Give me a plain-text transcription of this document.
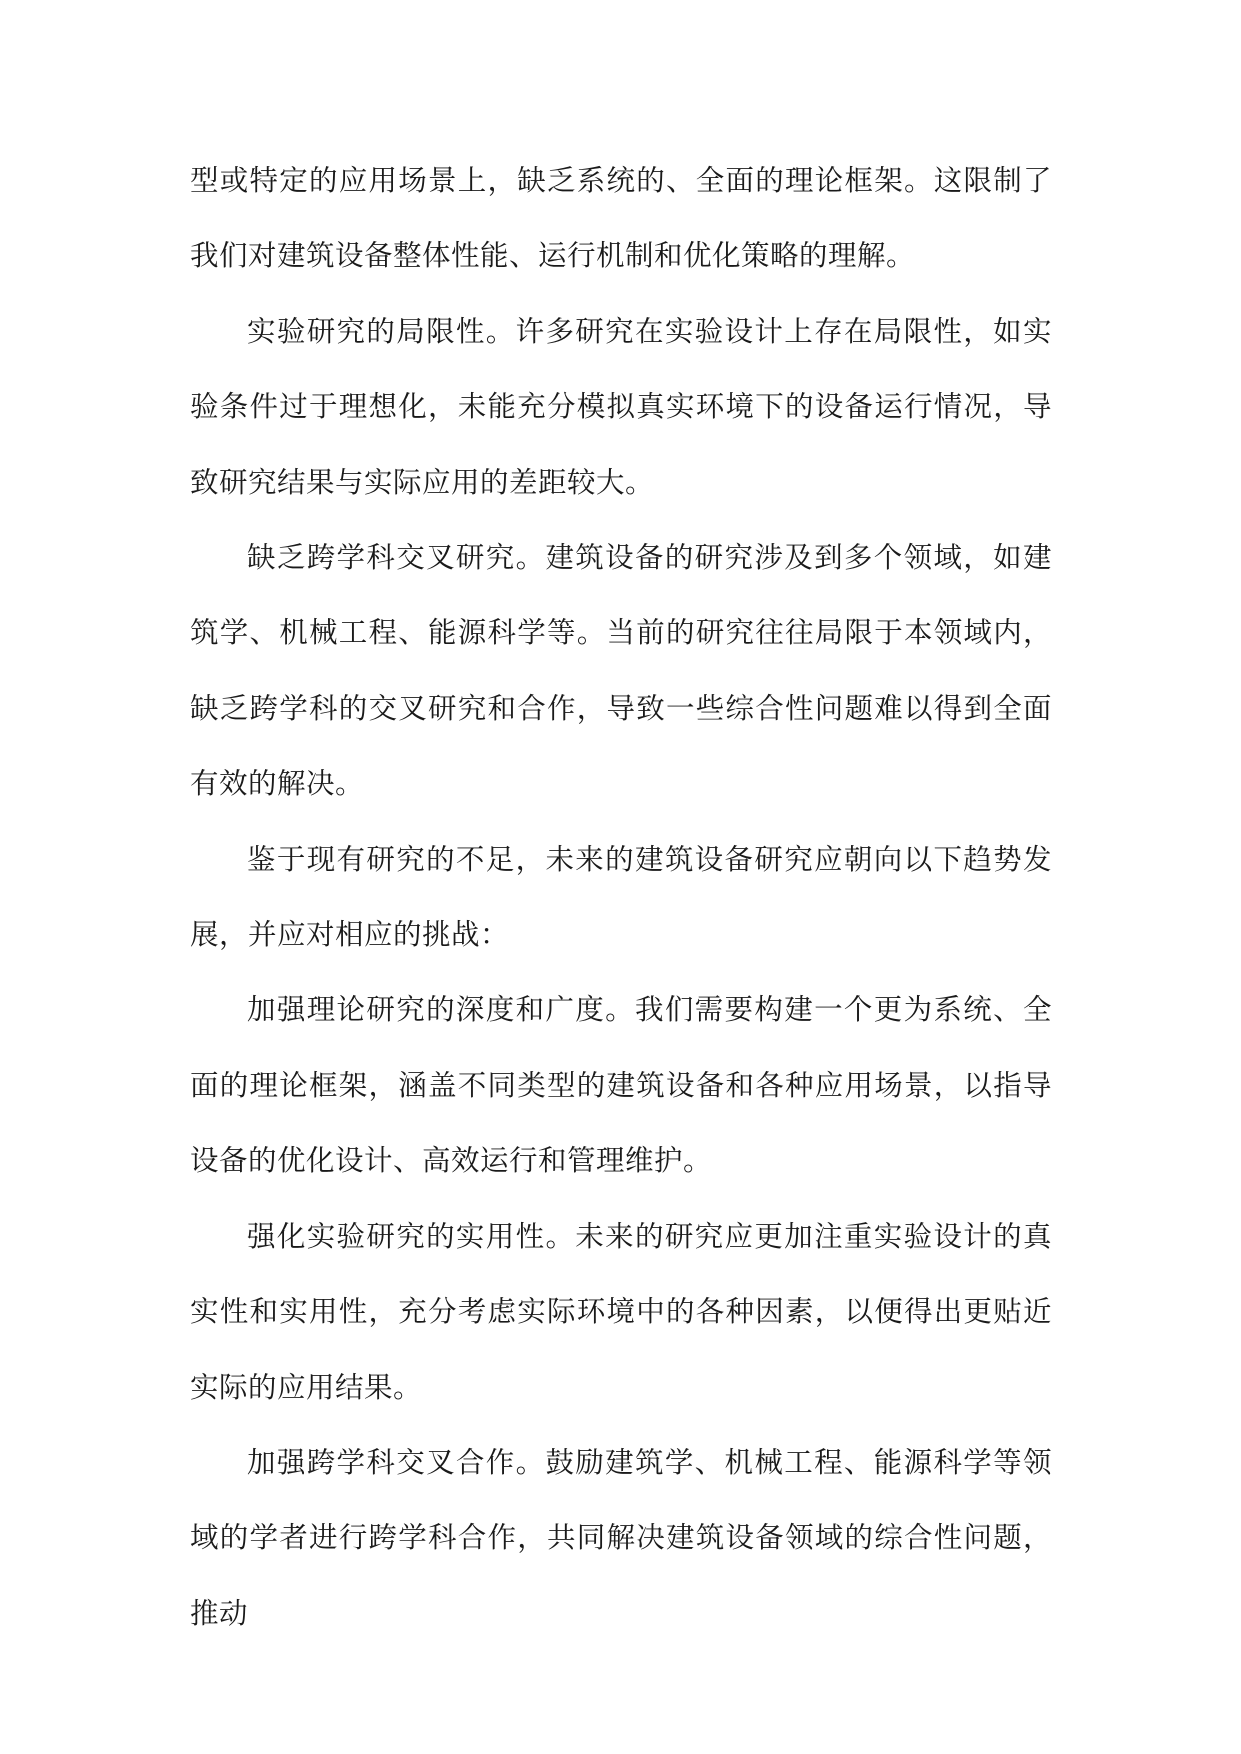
型或特定的应用场景上，缺乏系统的、全面的理论框架。这限制了我们对建筑设备整体性能、运行机制和优化策略的理解。

实验研究的局限性。许多研究在实验设计上存在局限性，如实验条件过于理想化，未能充分模拟真实环境下的设备运行情况，导致研究结果与实际应用的差距较大。

缺乏跨学科交叉研究。建筑设备的研究涉及到多个领域，如建筑学、机械工程、能源科学等。当前的研究往往局限于本领域内，缺乏跨学科的交叉研究和合作，导致一些综合性问题难以得到全面有效的解决。

鉴于现有研究的不足，未来的建筑设备研究应朝向以下趋势发展，并应对相应的挑战：

加强理论研究的深度和广度。我们需要构建一个更为系统、全面的理论框架，涵盖不同类型的建筑设备和各种应用场景，以指导设备的优化设计、高效运行和管理维护。

强化实验研究的实用性。未来的研究应更加注重实验设计的真实性和实用性，充分考虑实际环境中的各种因素，以便得出更贴近实际的应用结果。

加强跨学科交叉合作。鼓励建筑学、机械工程、能源科学等领域的学者进行跨学科合作，共同解决建筑设备领域的综合性问题，推动
